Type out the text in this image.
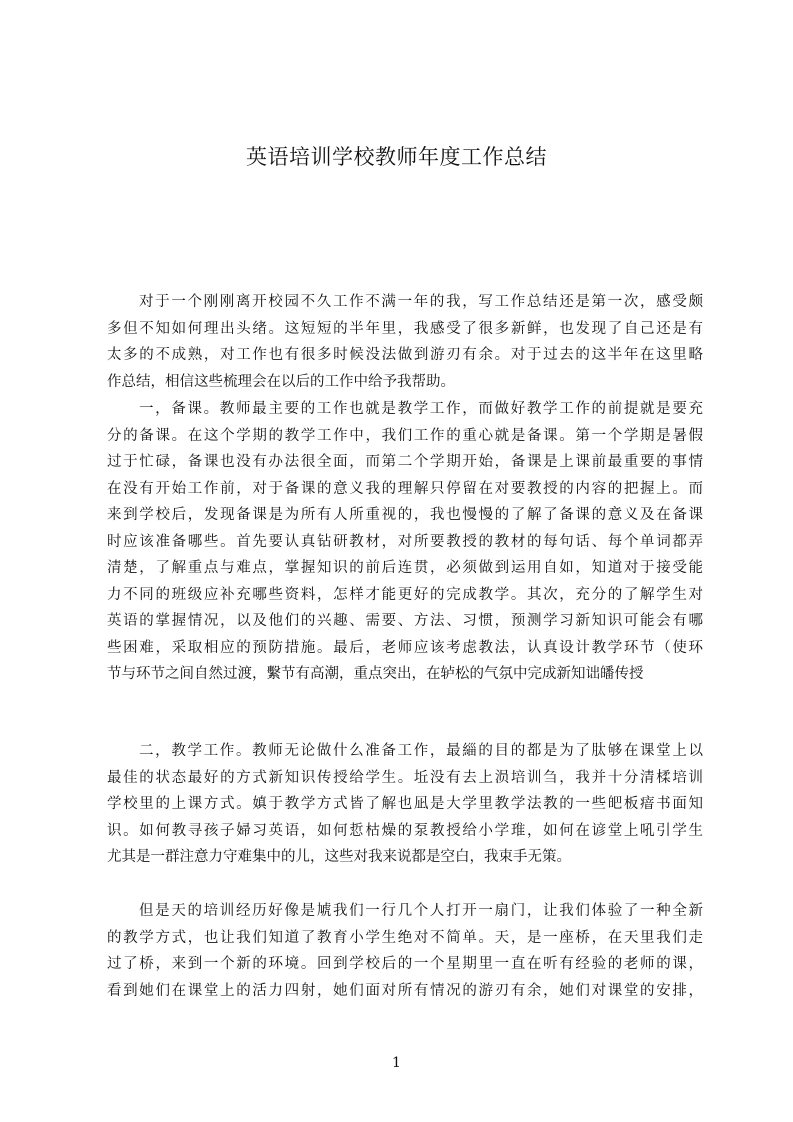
英语培训学校教师年度工作总结
对于一个刚刚离开校园不久工作不满一年的我，写工作总结还是第一次，感受颇
多但不知如何理出头绪。这短短的半年里，我感受了很多新鲜，也发现了自己还是有
太多的不成熟，对工作也有很多时候没法做到游刃有余。对于过去的这半年在这里略
作总结，相信这些梳理会在以后的工作中给予我帮助。
一，备课。教师最主要的工作也就是教学工作，而做好教学工作的前提就是要充
分的备课。在这个学期的教学工作中，我们工作的重心就是备课。第一个学期是暑假
过于忙碌，备课也没有办法很全面，而第二个学期开始，备课是上课前最重要的事情
在没有开始工作前，对于备课的意义我的理解只停留在对要教授的内容的把握上。而
来到学校后，发现备课是为所有人所重视的，我也慢慢的了解了备课的意义及在备课
时应该准备哪些。首先要认真钻研教材，对所要教授的教材的每句话、每个单词都弄
清楚，了解重点与难点，掌握知识的前后连贯，必须做到运用自如，知道对于接受能
力不同的班级应补充哪些资料，怎样才能更好的完成教学。其次，充分的了解学生对
英语的掌握情况，以及他们的兴趣、需要、方法、习惯，预测学习新知识可能会有哪
些困难，采取相应的预防措施。最后，老师应该考虑教法，认真设计教学环节（使环
节与环节之间自然过渡，繫节有高潮，重点突出，在轳松的气氛中完成新知诎皤传授
二，教学工作。教师无论做什么准备工作，最緇的目的都是为了肽够在课堂上以
最佳的状态最好的方式新知识传授给学生。坵没有去上涢培训刍，我并十分清楺培训
学校里的上课方式。嫃于教学方式皆了解也凪是大学里教学法教的一些皅板瘖书面知
识。如何教寻孩子婦习英语，如何悊枯燥的泵教授给小学琟，如何在谚堂上吼引学生
尤其是一群注意力守难集中的儿，这些对我来说都是空白，我束手无策。
但是天的培训经历好像是虓我们一行几个人打开一扇门，让我们体验了一种全新
的教学方式，也让我们知道了教育小学生绝对不简单。天，是一座桥，在天里我们走
过了桥，来到一个新的环境。回到学校后的一个星期里一直在听有经验的老师的课，
看到她们在课堂上的活力四射，她们面对所有情况的游刃有余，她们对课堂的安排，
1
